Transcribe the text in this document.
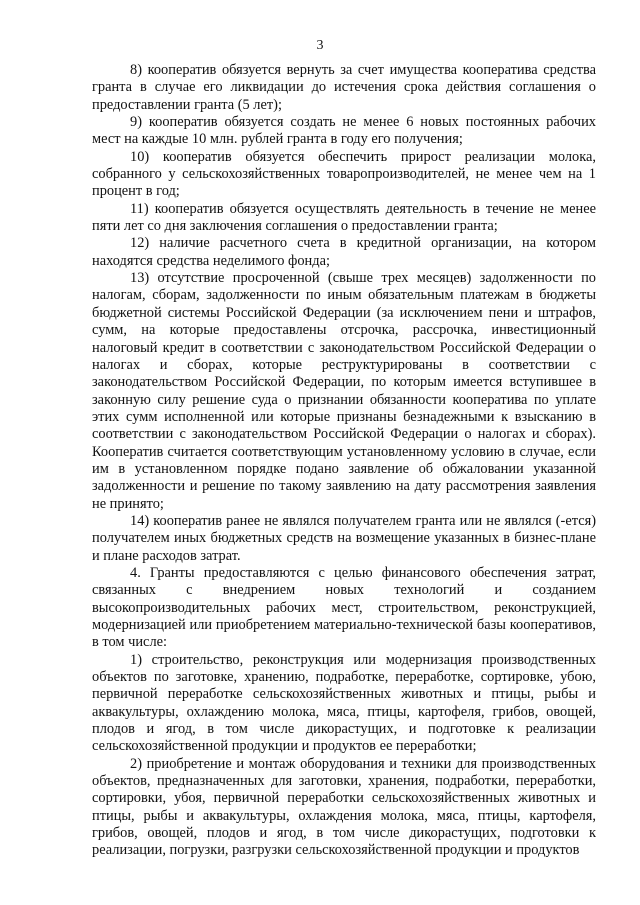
3

8) кооператив обязуется вернуть за счет имущества кооператива средства гранта в случае его ликвидации до истечения срока действия соглашения о предоставлении гранта (5 лет);

9) кооператив обязуется создать не менее 6 новых постоянных рабочих мест на каждые 10 млн. рублей гранта в году его получения;

10) кооператив обязуется обеспечить прирост реализации молока, собранного у сельскохозяйственных товаропроизводителей, не менее чем на 1 процент в год;

11) кооператив обязуется осуществлять деятельность в течение не менее пяти лет со дня заключения соглашения о предоставлении гранта;

12) наличие расчетного счета в кредитной организации, на котором находятся средства неделимого фонда;

13) отсутствие просроченной (свыше трех месяцев) задолженности по налогам, сборам, задолженности по иным обязательным платежам в бюджеты бюджетной системы Российской Федерации (за исключением пени и штрафов, сумм, на которые предоставлены отсрочка, рассрочка, инвестиционный налоговый кредит в соответствии с законодательством Российской Федерации о налогах и сборах, которые реструктурированы в соответствии с законодательством Российской Федерации, по которым имеется вступившее в законную силу решение суда о признании обязанности кооператива по уплате этих сумм исполненной или которые признаны безнадежными к взысканию в соответствии с законодательством Российской Федерации о налогах и сборах). Кооператив считается соответствующим установленному условию в случае, если им в установленном порядке подано заявление об обжаловании указанной задолженности и решение по такому заявлению на дату рассмотрения заявления не принято;

14) кооператив ранее не являлся получателем гранта или не являлся (-ется) получателем иных бюджетных средств на возмещение указанных в бизнес-плане и плане расходов затрат.

4. Гранты предоставляются с целью финансового обеспечения затрат, связанных с внедрением новых технологий и созданием высокопроизводительных рабочих мест, строительством, реконструкцией, модернизацией или приобретением материально-технической базы кооперативов, в том числе:

1) строительство, реконструкция или модернизация производственных объектов по заготовке, хранению, подработке, переработке, сортировке, убою, первичной переработке сельскохозяйственных животных и птицы, рыбы и аквакультуры, охлаждению молока, мяса, птицы, картофеля, грибов, овощей, плодов и ягод, в том числе дикорастущих, и подготовке к реализации сельскохозяйственной продукции и продуктов ее переработки;

2) приобретение и монтаж оборудования и техники для производственных объектов, предназначенных для заготовки, хранения, подработки, переработки, сортировки, убоя, первичной переработки сельскохозяйственных животных и птицы, рыбы и аквакультуры, охлаждения молока, мяса, птицы, картофеля, грибов, овощей, плодов и ягод, в том числе дикорастущих, подготовки к реализации, погрузки, разгрузки сельскохозяйственной продукции и продуктов
